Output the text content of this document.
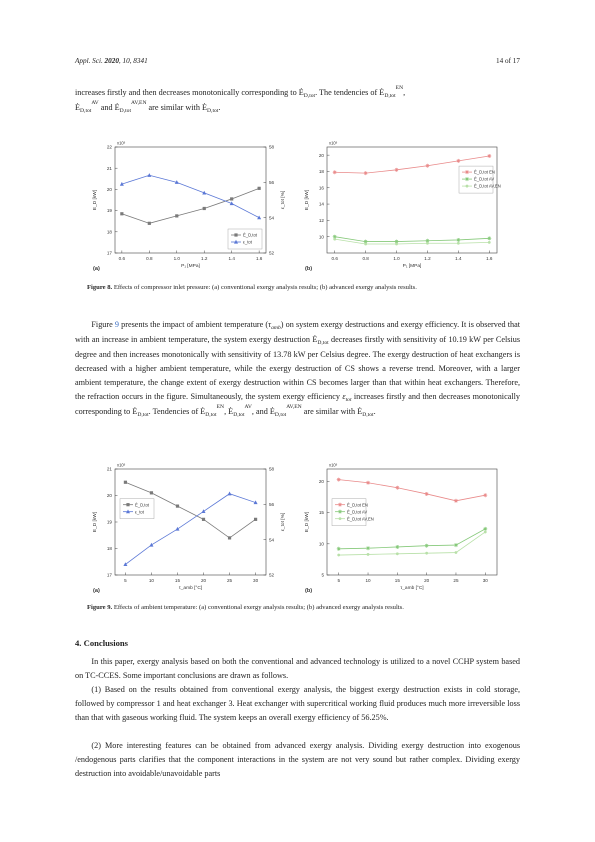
Appl. Sci. 2020, 10, 8341	14 of 17

increases firstly and then decreases monotonically corresponding to $Ė_{D,tot}$. The tendencies of $Ė_{D,tot}^{EN}$,
$Ė_{D,tot}^{AV}$ and $Ė_{D,tot}^{AV,EN}$ are similar with $Ė_{D,tot}$.

0.6	0.8	1.0	1.2	1.4	1.6
P₁ [MPa]
17
18
19
20
21
22
x10³
E_D [kW]
52
54
56
58
ε_tot [%]
(a)
Ė_D,tot
ε_tot
0.6	0.8	1.0	1.2	1.4	1.6
P₁ [MPa]
10
12
14
16
18
20
x10³
E_D [kW]
(b)
Ė_D,tot EN
Ė_D,tot AV
Ė_D,tot AV,EN

Figure 8. Effects of compressor inlet pressure: (a) conventional exergy analysis results; (b) advanced exergy analysis results.

  Figure 9 presents the impact of ambient temperature $(\tau_{amb})$ on system exergy destructions and exergy efficiency. It is observed that with an increase in ambient temperature, the system exergy destruction $Ė_{D,tot}$ decreases firstly with sensitivity of 10.19 kW per Celsius degree and then increases monotonically with sensitivity of 13.78 kW per Celsius degree. The exergy destruction of heat exchangers is decreased with a higher ambient temperature, while the exergy destruction of CS shows a reverse trend. Moreover, with a larger ambient temperature, the change extent of exergy destruction within CS becomes larger than that within heat exchangers. Therefore, the refraction occurs in the figure. Simultaneously, the system exergy efficiency $\varepsilon_{tot}$ increases firstly and then decreases monotonically corresponding to $Ė_{D,tot}$. Tendencies of $Ė_{D,tot}^{EN}$, $Ė_{D,tot}^{AV}$, and $Ė_{D,tot}^{AV,EN}$ are similar with $Ė_{D,tot}$.

5	10	15	20	25	30
τ_amb [°C]
17
18
19
20
21
x10³
E_D [kW]
52
54
56
58
ε_tot [%]
(a)
Ė_D,tot
ε_tot
5	10	15	20	25	30
τ_amb [°C]
5
10
15
20
x10³
E_D [kW]
(b)
Ė_D,tot EN
Ė_D,tot AV
Ė_D,tot AV,EN

Figure 9. Effects of ambient temperature: (a) conventional exergy analysis results; (b) advanced exergy analysis results.

4. Conclusions

  In this paper, exergy analysis based on both the conventional and advanced technology is utilized to a novel CCHP system based on TC-CCES. Some important conclusions are drawn as follows.

  (1) Based on the results obtained from conventional exergy analysis, the biggest exergy destruction exists in cold storage, followed by compressor 1 and heat exchanger 3. Heat exchanger with supercritical working fluid produces much more irreversible loss than that with gaseous working fluid. The system keeps an overall exergy efficiency of 56.25%.

  (2) More interesting features can be obtained from advanced exergy analysis. Dividing exergy destruction into exogenous /endogenous parts clarifies that the component interactions in the system are not very sound but rather complex. Dividing exergy destruction into avoidable/unavoidable parts
